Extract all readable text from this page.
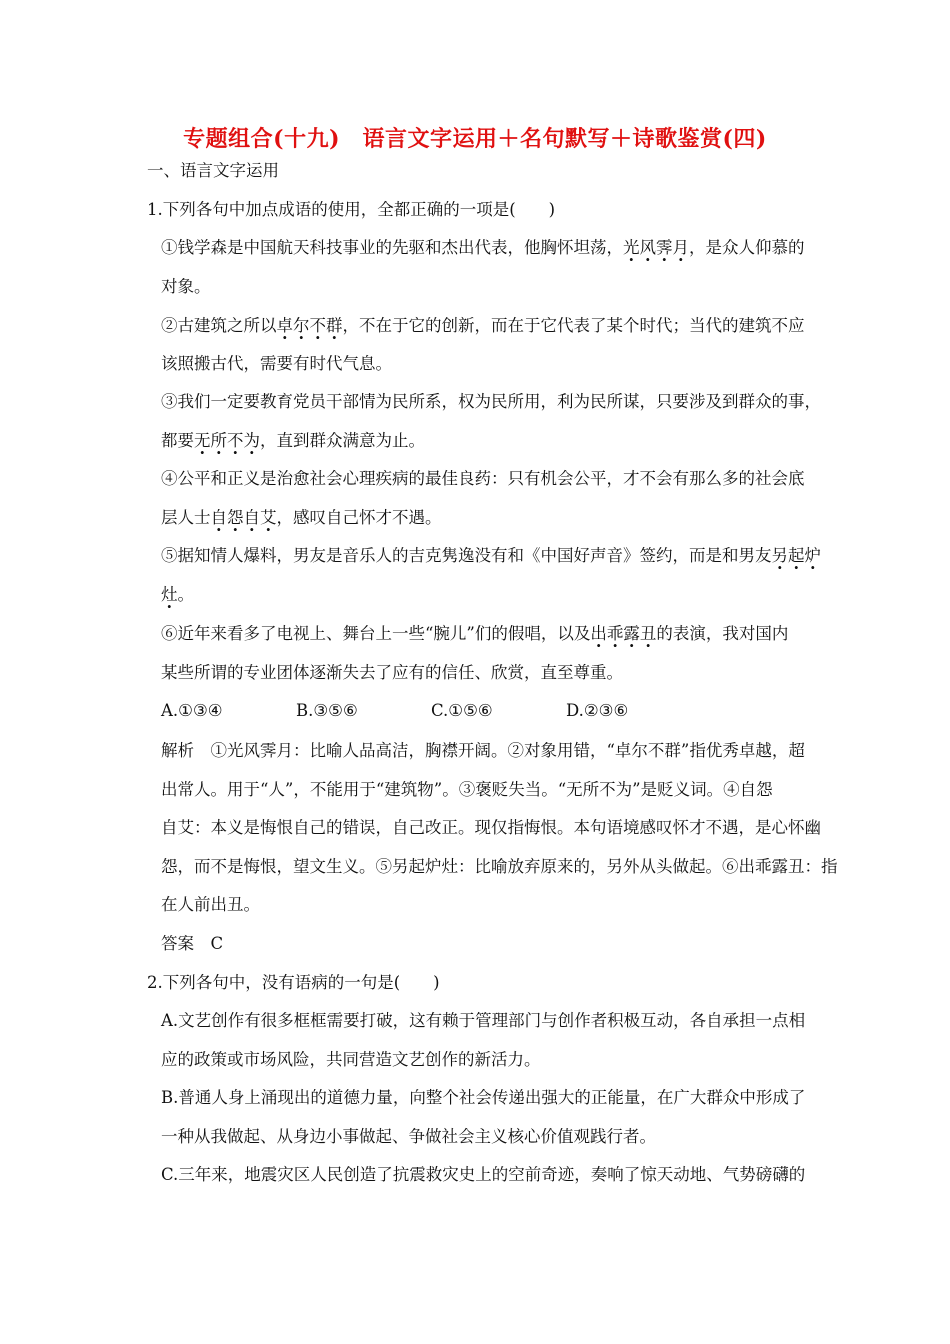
专题组合(十九)　语言文字运用＋名句默写＋诗歌鉴赏(四)
一、语言文字运用
1.下列各句中加点成语的使用，全都正确的一项是(　　)
①钱学森是中国航天科技事业的先驱和杰出代表，他胸怀坦荡，光风霁月，是众人仰慕的
对象。
②古建筑之所以卓尔不群，不在于它的创新，而在于它代表了某个时代；当代的建筑不应
该照搬古代，需要有时代气息。
③我们一定要教育党员干部情为民所系，权为民所用，利为民所谋，只要涉及到群众的事，
都要无所不为，直到群众满意为止。
④公平和正义是治愈社会心理疾病的最佳良药：只有机会公平，才不会有那么多的社会底
层人士自怨自艾，感叹自己怀才不遇。
⑤据知情人爆料，男友是音乐人的吉克隽逸没有和《中国好声音》签约，而是和男友另起炉
灶。
⑥近年来看多了电视上、舞台上一些“腕儿”们的假唱，以及出乖露丑的表演，我对国内
某些所谓的专业团体逐渐失去了应有的信任、欣赏，直至尊重。
A.①③④	B.③⑤⑥	C.①⑤⑥	D.②③⑥
解析　①光风霁月：比喻人品高洁，胸襟开阔。②对象用错，“卓尔不群”指优秀卓越，超
出常人。用于“人”，不能用于“建筑物”。③褒贬失当。“无所不为”是贬义词。④自怨
自艾：本义是悔恨自己的错误，自己改正。现仅指悔恨。本句语境感叹怀才不遇，是心怀幽
怨，而不是悔恨，望文生义。⑤另起炉灶：比喻放弃原来的，另外从头做起。⑥出乖露丑：指
在人前出丑。
答案　C
2.下列各句中，没有语病的一句是(　　)
A.文艺创作有很多框框需要打破，这有赖于管理部门与创作者积极互动，各自承担一点相
应的政策或市场风险，共同营造文艺创作的新活力。
B.普通人身上涌现出的道德力量，向整个社会传递出强大的正能量，在广大群众中形成了
一种从我做起、从身边小事做起、争做社会主义核心价值观践行者。
C.三年来，地震灾区人民创造了抗震救灾史上的空前奇迹，奏响了惊天动地、气势磅礴的
